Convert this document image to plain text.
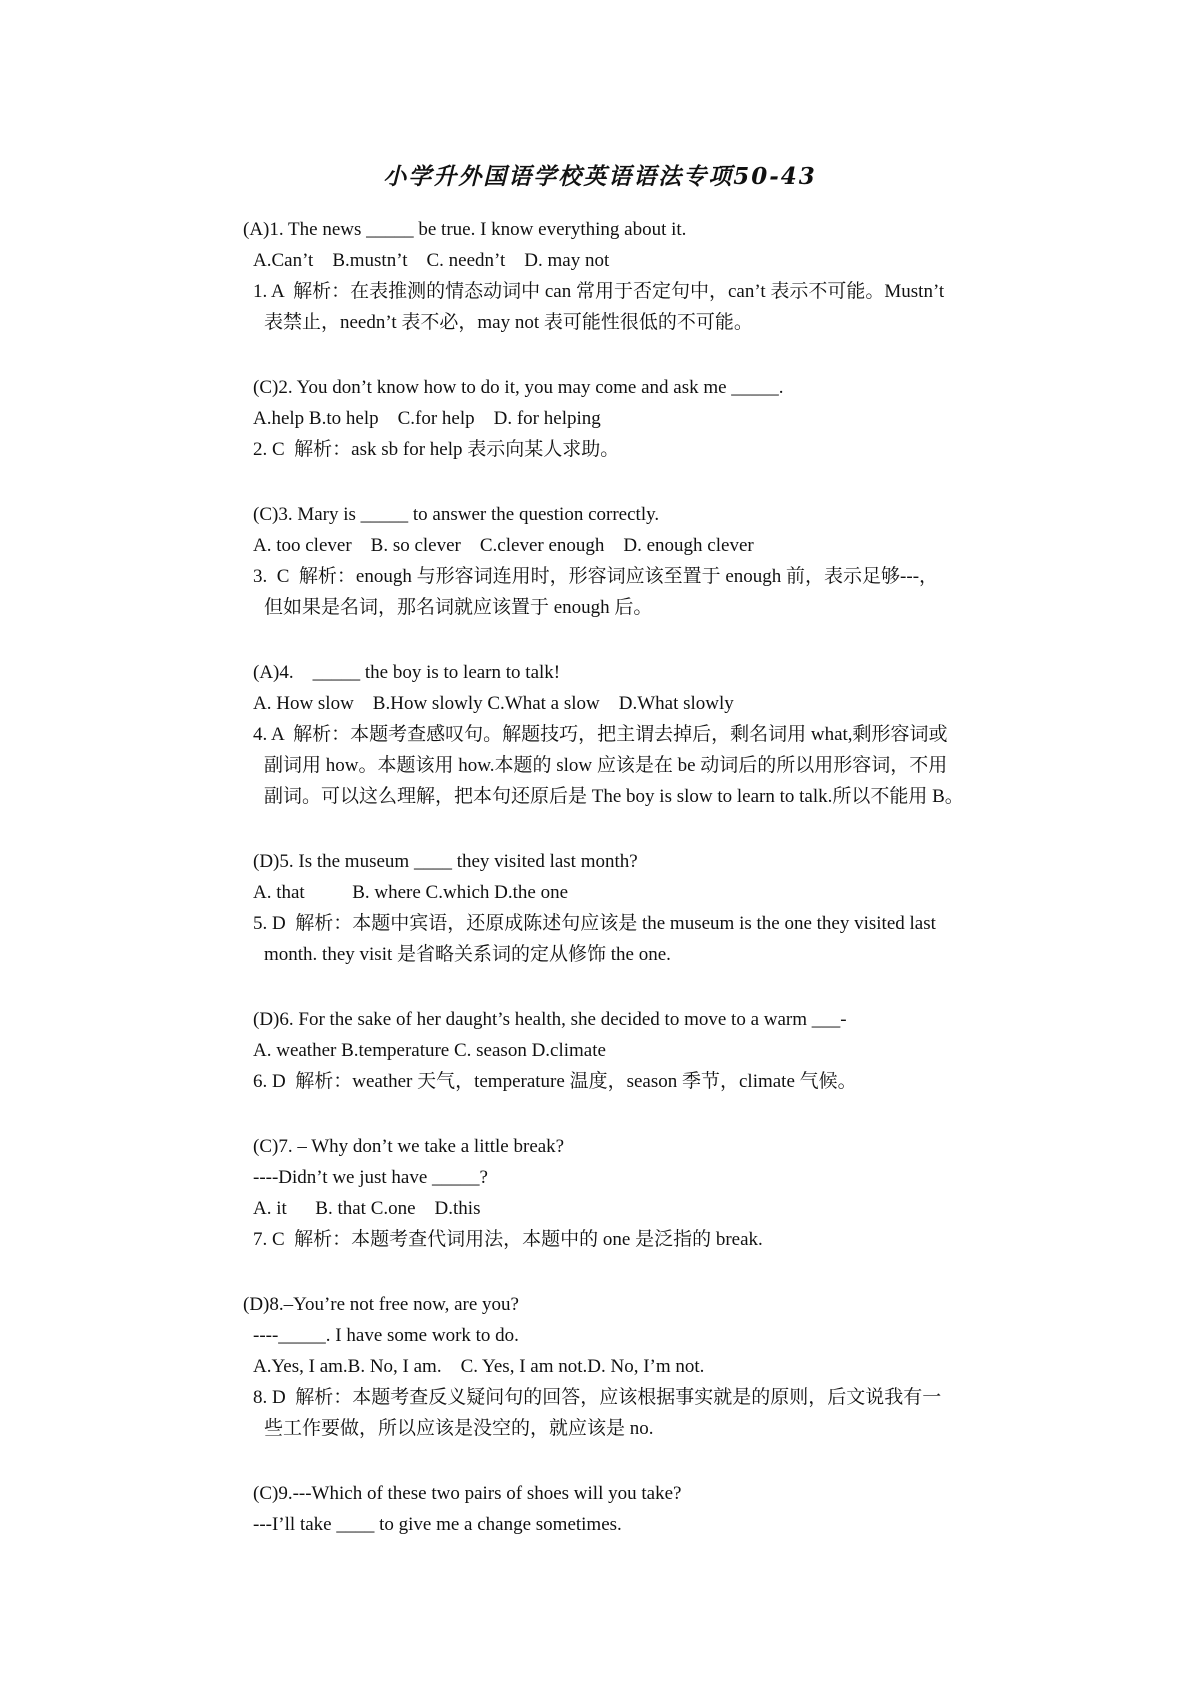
小学升外国语学校英语语法专项50-43
(A)1. The news _____ be true. I know everything about it.
A.Can’t    B.mustn’t    C. needn’t    D. may not
1. A  解析：在表推测的情态动词中 can 常用于否定句中，can’t 表示不可能。Mustn’t
表禁止，needn’t 表不必，may not 表可能性很低的不可能。
(C)2. You don’t know how to do it, you may come and ask me _____.
A.help B.to help    C.for help    D. for helping
2. C  解析：ask sb for help 表示向某人求助。
(C)3. Mary is _____ to answer the question correctly.
A. too clever    B. so clever    C.clever enough    D. enough clever
3.  C  解析：enough 与形容词连用时，形容词应该至置于 enough 前，表示足够---，
但如果是名词，那名词就应该置于 enough 后。
(A)4.    _____ the boy is to learn to talk!
A. How slow    B.How slowly C.What a slow    D.What slowly
4. A  解析：本题考查感叹句。解题技巧，把主谓去掉后，剩名词用 what,剩形容词或
副词用 how。本题该用 how.本题的 slow 应该是在 be 动词后的所以用形容词，不用
副词。可以这么理解，把本句还原后是 The boy is slow to learn to talk.所以不能用 B。
(D)5. Is the museum ____ they visited last month?
A. that          B. where C.which D.the one
5. D  解析：本题中宾语，还原成陈述句应该是 the museum is the one they visited last
month. they visit 是省略关系词的定从修饰 the one.
(D)6. For the sake of her daught’s health, she decided to move to a warm ___-
A. weather B.temperature C. season D.climate
6. D  解析：weather 天气，temperature 温度，season 季节，climate 气候。
(C)7. – Why don’t we take a little break?
----Didn’t we just have _____?
A. it      B. that C.one    D.this
7. C  解析：本题考查代词用法，本题中的 one 是泛指的 break.
(D)8.–You’re not free now, are you?
----_____. I have some work to do.
A.Yes, I am.B. No, I am.    C. Yes, I am not.D. No, I’m not.
8. D  解析：本题考查反义疑问句的回答，应该根据事实就是的原则，后文说我有一
些工作要做，所以应该是没空的，就应该是 no.
(C)9.---Which of these two pairs of shoes will you take?
---I’ll take ____ to give me a change sometimes.
